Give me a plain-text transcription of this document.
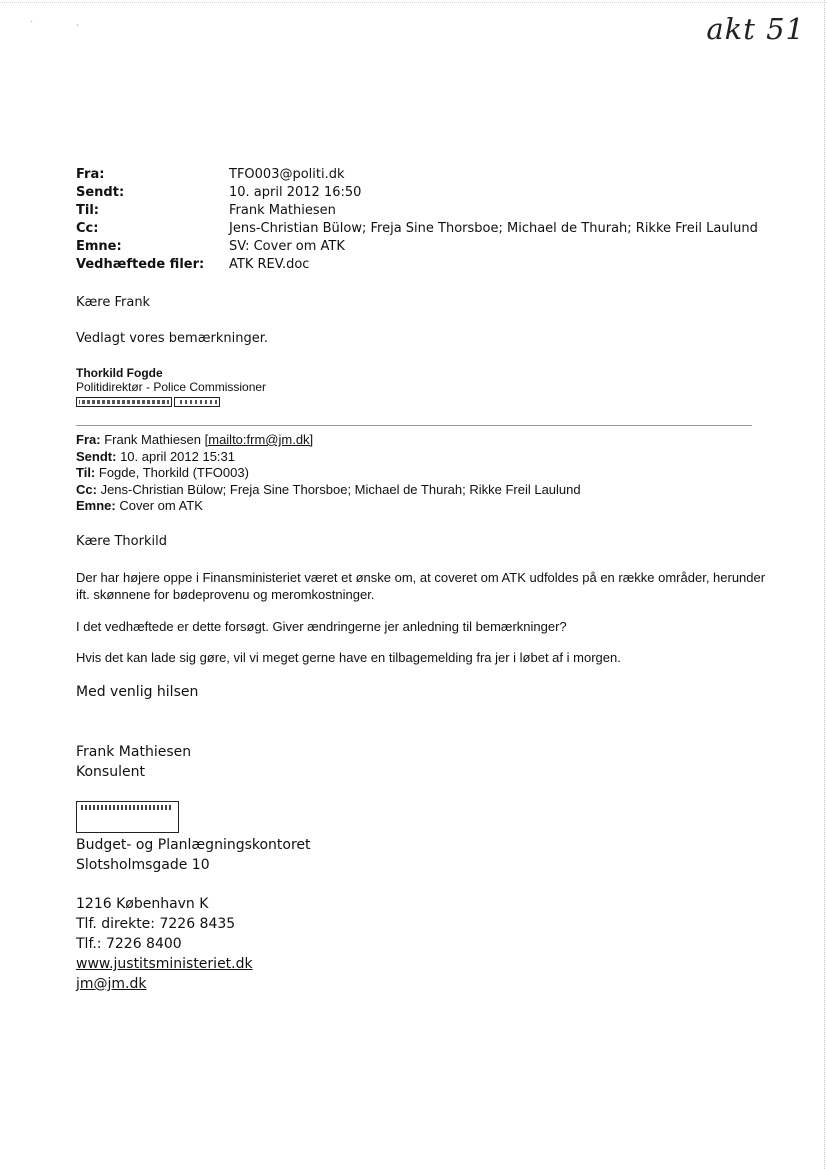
·
ˋ	akt 51
Fra:	TFO003@politi.dk
Sendt:	10. april 2012 16:50
Til:	Frank Mathiesen
Cc:	Jens-Christian Bülow; Freja Sine Thorsboe; Michael de Thurah; Rikke Freil Laulund
Emne:	SV: Cover om ATK
Vedhæftede filer:	ATK REV.doc
Kære Frank
Vedlagt vores bemærkninger.
Thorkild Fogde
Politidirektør - Police Commissioner
Fra: Frank Mathiesen [mailto:frm@jm.dk]
Sendt: 10. april 2012 15:31
Til: Fogde, Thorkild (TFO003)
Cc: Jens-Christian Bülow; Freja Sine Thorsboe; Michael de Thurah; Rikke Freil Laulund
Emne: Cover om ATK
Kære Thorkild
Der har højere oppe i Finansministeriet været et ønske om, at coveret om ATK udfoldes på en række områder, herunder ift. skønnene for bødeprovenu og meromkostninger.
I det vedhæftede er dette forsøgt. Giver ændringerne jer anledning til bemærkninger?
Hvis det kan lade sig gøre, vil vi meget gerne have en tilbagemelding fra jer i løbet af i morgen.
Med venlig hilsen
Frank Mathiesen
Konsulent
Budget- og Planlægningskontoret
Slotsholmsgade 10
1216 København K
Tlf. direkte: 7226 8435
Tlf.: 7226 8400
www.justitsministeriet.dk
jm@jm.dk
